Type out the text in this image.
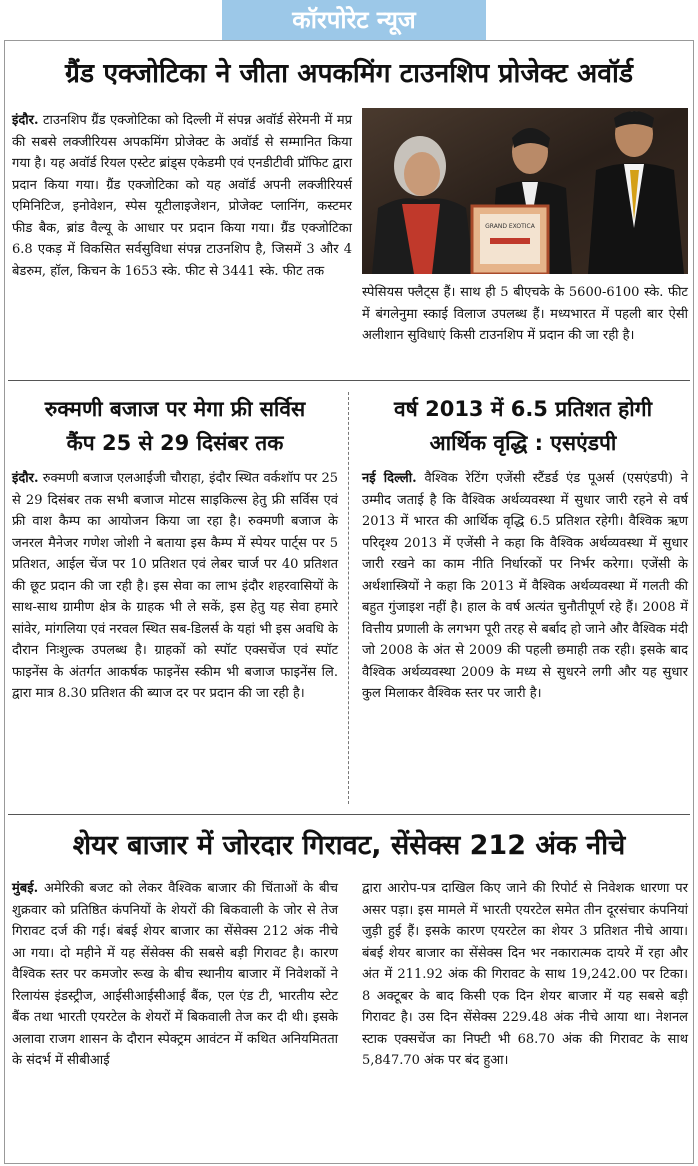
कॉरपोरेट न्यूज
ग्रैंड एक्जोटिका ने जीता अपकमिंग टाउनशिप प्रोजेक्ट अवॉर्ड
इंदौर. टाउनशिप ग्रैंड एक्जोटिका को दिल्ली में संपन्न अवॉर्ड सेरेमनी में मप्र की सबसे लक्जीरियस अपकमिंग प्रोजेक्ट के अवॉर्ड से सम्मानित किया गया है। यह अवॉर्ड रियल एस्टेट ब्रांड्स एकेडमी एवं एनडीटीवी प्रॉफिट द्वारा प्रदान किया गया। ग्रैंड एक्जोटिका को यह अवॉर्ड अपनी लक्जीरियर्स एमिनिटिज, इनोवेशन, स्पेस यूटीलाइजेशन, प्रोजेक्ट प्लानिंग, कस्टमर फीड बैक, ब्रांड वैल्यू के आधार पर प्रदान किया गया। ग्रैंड एक्जोटिका 6.8 एकड़ में विकसित सर्वसुविधा संपन्न टाउनशिप है, जिसमें 3 और 4 बेडरुम, हॉल, किचन के 1653 स्के. फीट से 3441 स्के. फीट तक
GRAND EXOTICA
स्पेसियस फ्लैट्स हैं। साथ ही 5 बीएचके के 5600-6100 स्के. फीट में बंगलेनुमा स्काई विलाज उपलब्ध हैं। मध्यभारत में पहली बार ऐसी अलीशान सुविधाएं किसी टाउनशिप में प्रदान की जा रही है।
रुक्मणी बजाज पर मेगा फ्री सर्विस
कैंप 25 से 29 दिसंबर तक
इंदौर. रुक्मणी बजाज एलआईजी चौराहा, इंदौर स्थित वर्कशॉप पर 25 से 29 दिसंबर तक सभी बजाज मोटस साइकिल्स हेतु फ्री सर्विस एवं फ्री वाश कैम्प का आयोजन किया जा रहा है। रुक्मणी बजाज के जनरल मैनेजर गणेश जोशी ने बताया इस कैम्प में स्पेयर पार्ट्स पर 5 प्रतिशत, आईल चेंज पर 10 प्रतिशत एवं लेबर चार्ज पर 40 प्रतिशत की छूट प्रदान की जा रही है। इस सेवा का लाभ इंदौर शहरवासियों के साथ-साथ ग्रामीण क्षेत्र के ग्राहक भी ले सकें, इस हेतु यह सेवा हमारे सांवेर, मांगलिया एवं नरवल स्थित सब-डिलर्स के यहां भी इस अवधि के दौरान निःशुल्क उपलब्ध है। ग्राहकों को स्पॉट एक्सचेंज एवं स्पॉट फाइनेंस के अंतर्गत आकर्षक फाइनेंस स्कीम भी बजाज फाइनेंस लि. द्वारा मात्र 8.30 प्रतिशत की ब्याज दर पर प्रदान की जा रही है।
वर्ष 2013 में 6.5 प्रतिशत होगी
आर्थिक वृद्धि : एसएंडपी
नई दिल्ली. वैश्विक रेटिंग एजेंसी स्टैंडर्ड एंड पूअर्स (एसएंडपी) ने उम्मीद जताई है कि वैश्विक अर्थव्यवस्था में सुधार जारी रहने से वर्ष 2013 में भारत की आर्थिक वृद्धि 6.5 प्रतिशत रहेगी। वैश्विक ऋण परिदृश्य 2013 में एजेंसी ने कहा कि वैश्विक अर्थव्यवस्था में सुधार जारी रखने का काम नीति निर्धारकों पर निर्भर करेगा। एजेंसी के अर्थशास्त्रियों ने कहा कि 2013 में वैश्विक अर्थव्यवस्था में गलती की बहुत गुंजाइश नहीं है। हाल के वर्ष अत्यंत चुनौतीपूर्ण रहे हैं। 2008 में वित्तीय प्रणाली के लगभग पूरी तरह से बर्बाद हो जाने और वैश्विक मंदी जो 2008 के अंत से 2009 की पहली छमाही तक रही। इसके बाद वैश्विक अर्थव्यवस्था 2009 के मध्य से सुधरने लगी और यह सुधार कुल मिलाकर वैश्विक स्तर पर जारी है।
शेयर बाजार में जोरदार गिरावट, सेंसेक्स 212 अंक नीचे
मुंबई. अमेरिकी बजट को लेकर वैश्विक बाजार की चिंताओं के बीच शुक्रवार को प्रतिष्ठित कंपनियों के शेयरों की बिकवाली के जोर से तेज गिरावट दर्ज की गई। बंबई शेयर बाजार का सेंसेक्स 212 अंक नीचे आ गया। दो महीने में यह सेंसेक्स की सबसे बड़ी गिरावट है। कारण वैश्विक स्तर पर कमजोर रूख के बीच स्थानीय बाजार में निवेशकों ने रिलायंस इंडस्ट्रीज, आईसीआईसीआई बैंक, एल एंड टी, भारतीय स्टेट बैंक तथा भारती एयरटेल के शेयरों में बिकवाली तेज कर दी थी। इसके अलावा राजग शासन के दौरान स्पेक्ट्रम आवंटन में कथित अनियमितता के संदर्भ में सीबीआई
द्वारा आरोप-पत्र दाखिल किए जाने की रिपोर्ट से निवेशक धारणा पर असर पड़ा। इस मामले में भारती एयरटेल समेत तीन दूरसंचार कंपनियां जुड़ी हुई हैं। इसके कारण एयरटेल का शेयर 3 प्रतिशत नीचे आया। बंबई शेयर बाजार का सेंसेक्स दिन भर नकारात्मक दायरे में रहा और अंत में 211.92 अंक की गिरावट के साथ 19,242.00 पर टिका। 8 अक्टूबर के बाद किसी एक दिन शेयर बाजार में यह सबसे बड़ी गिरावट है। उस दिन सेंसेक्स 229.48 अंक नीचे आया था। नेशनल स्टाक एक्सचेंज का निफ्टी भी 68.70 अंक की गिरावट के साथ 5,847.70 अंक पर बंद हुआ।
